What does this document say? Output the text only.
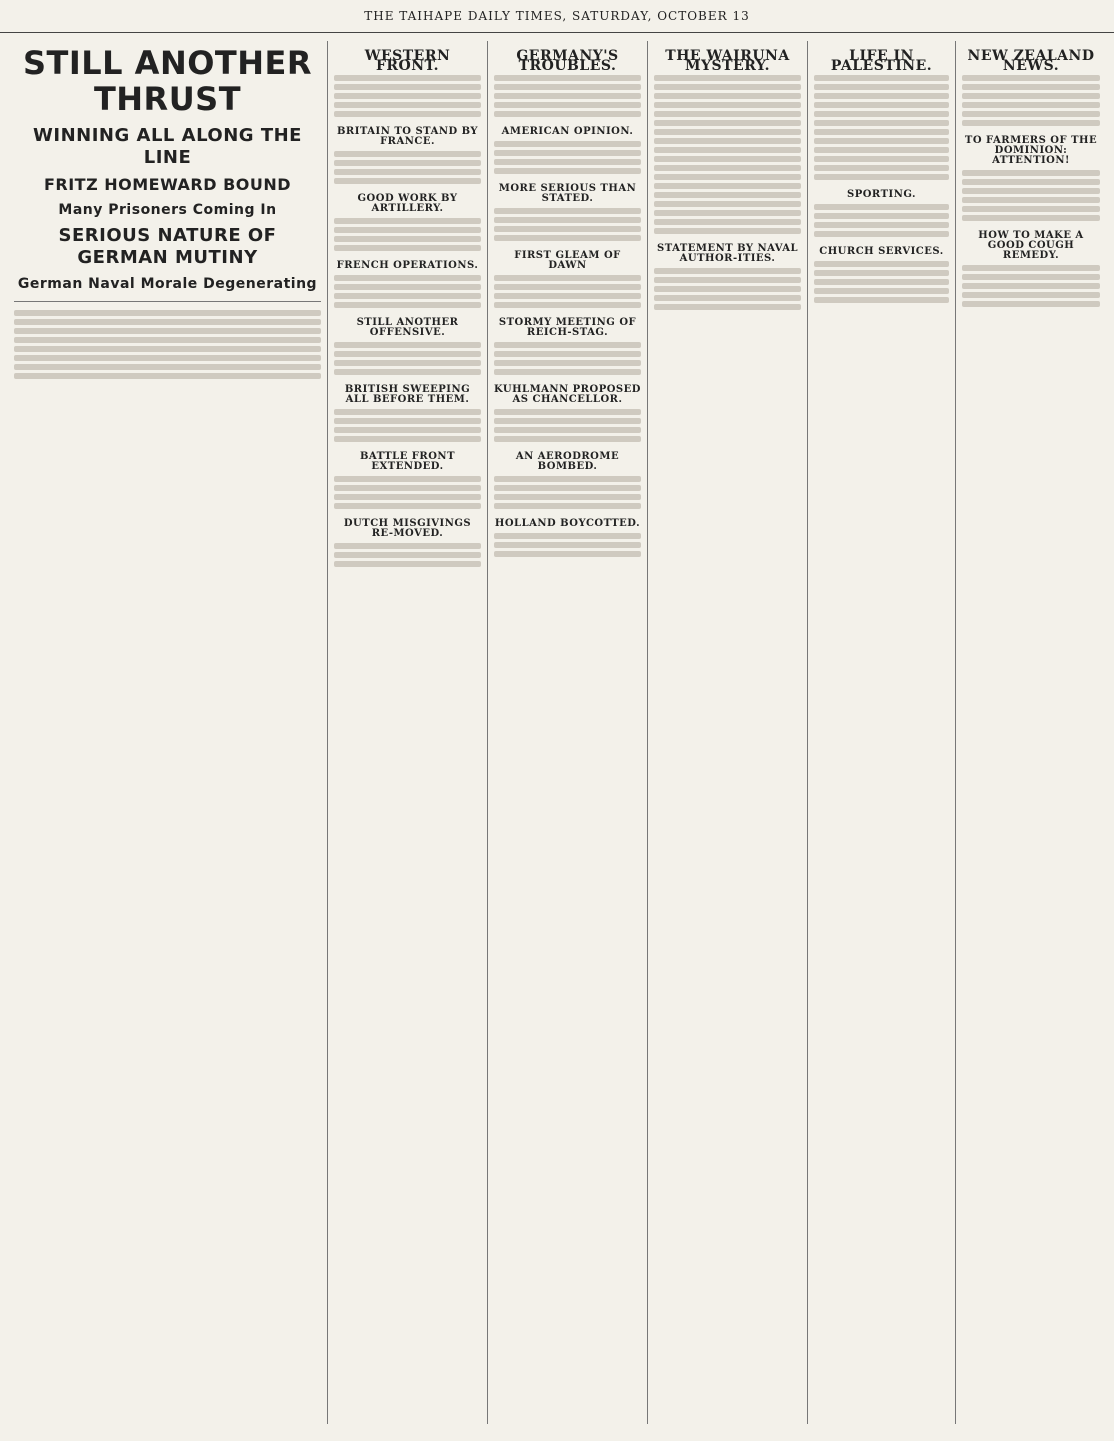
THE TAIHAPE DAILY TIMES, SATURDAY, OCTOBER 13
STILL ANOTHER THRUST
WINNING ALL ALONG THE LINE
FRITZ HOMEWARD BOUND
Many Prisoners Coming In
SERIOUS NATURE OF GERMAN MUTINY
German Naval Morale Degenerating
WESTERN FRONT.
BRITAIN TO STAND BY FRANCE.
GOOD WORK BY ARTILLERY.
FRENCH OPERATIONS.
STILL ANOTHER OFFENSIVE.
BRITISH SWEEPING ALL BEFORE THEM.
BATTLE FRONT EXTENDED.
DUTCH MISGIVINGS RE-MOVED.
GERMANY'S TROUBLES.
AMERICAN OPINION.
MORE SERIOUS THAN STATED.
FIRST GLEAM OF DAWN
STORMY MEETING OF REICH-STAG.
KUHLMANN PROPOSED AS CHANCELLOR.
AN AERODROME BOMBED.
HOLLAND BOYCOTTED.
THE WAIRUNA MYSTERY.
STATEMENT BY NAVAL AUTHOR-ITIES.
LIFE IN PALESTINE.
SPORTING.
CHURCH SERVICES.
NEW ZEALAND NEWS.
TO FARMERS OF THE DOMINION: ATTENTION!
HOW TO MAKE A GOOD COUGH REMEDY.
